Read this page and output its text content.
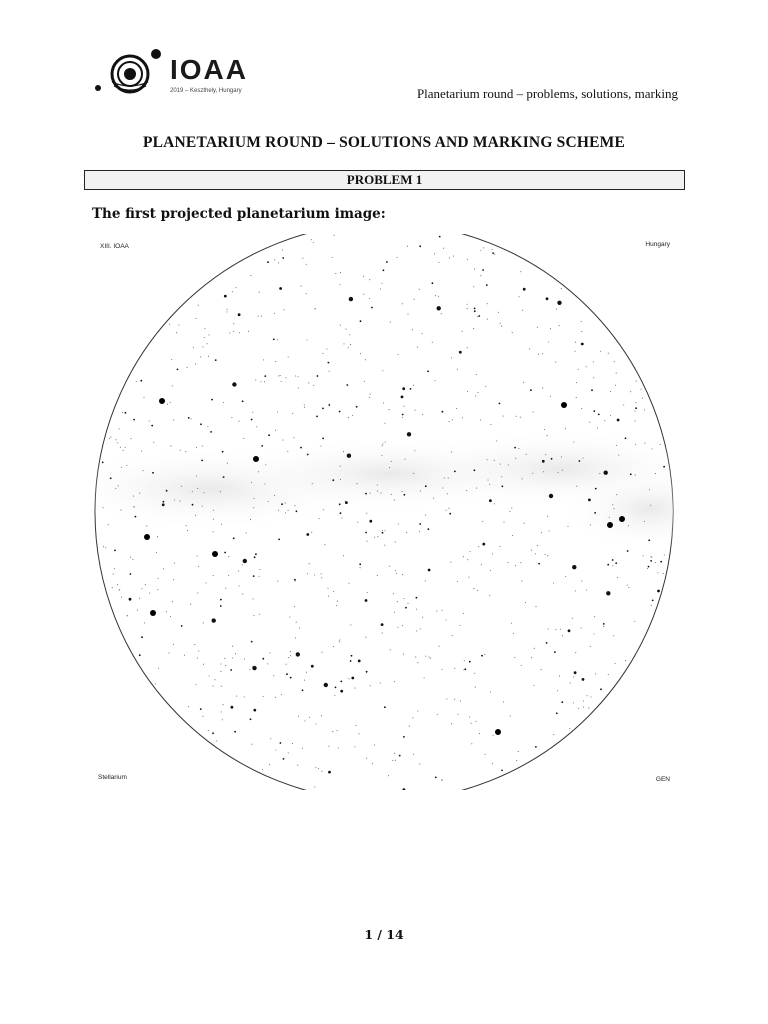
IOAA
2019 – Keszthely, Hungary	Planetarium round – problems, solutions, marking
PLANETARIUM ROUND – SOLUTIONS AND MARKING SCHEME
PROBLEM 1
The first projected planetarium image:
XIII. IOAA	Hungary
Stellarium	GEN
1 / 14
